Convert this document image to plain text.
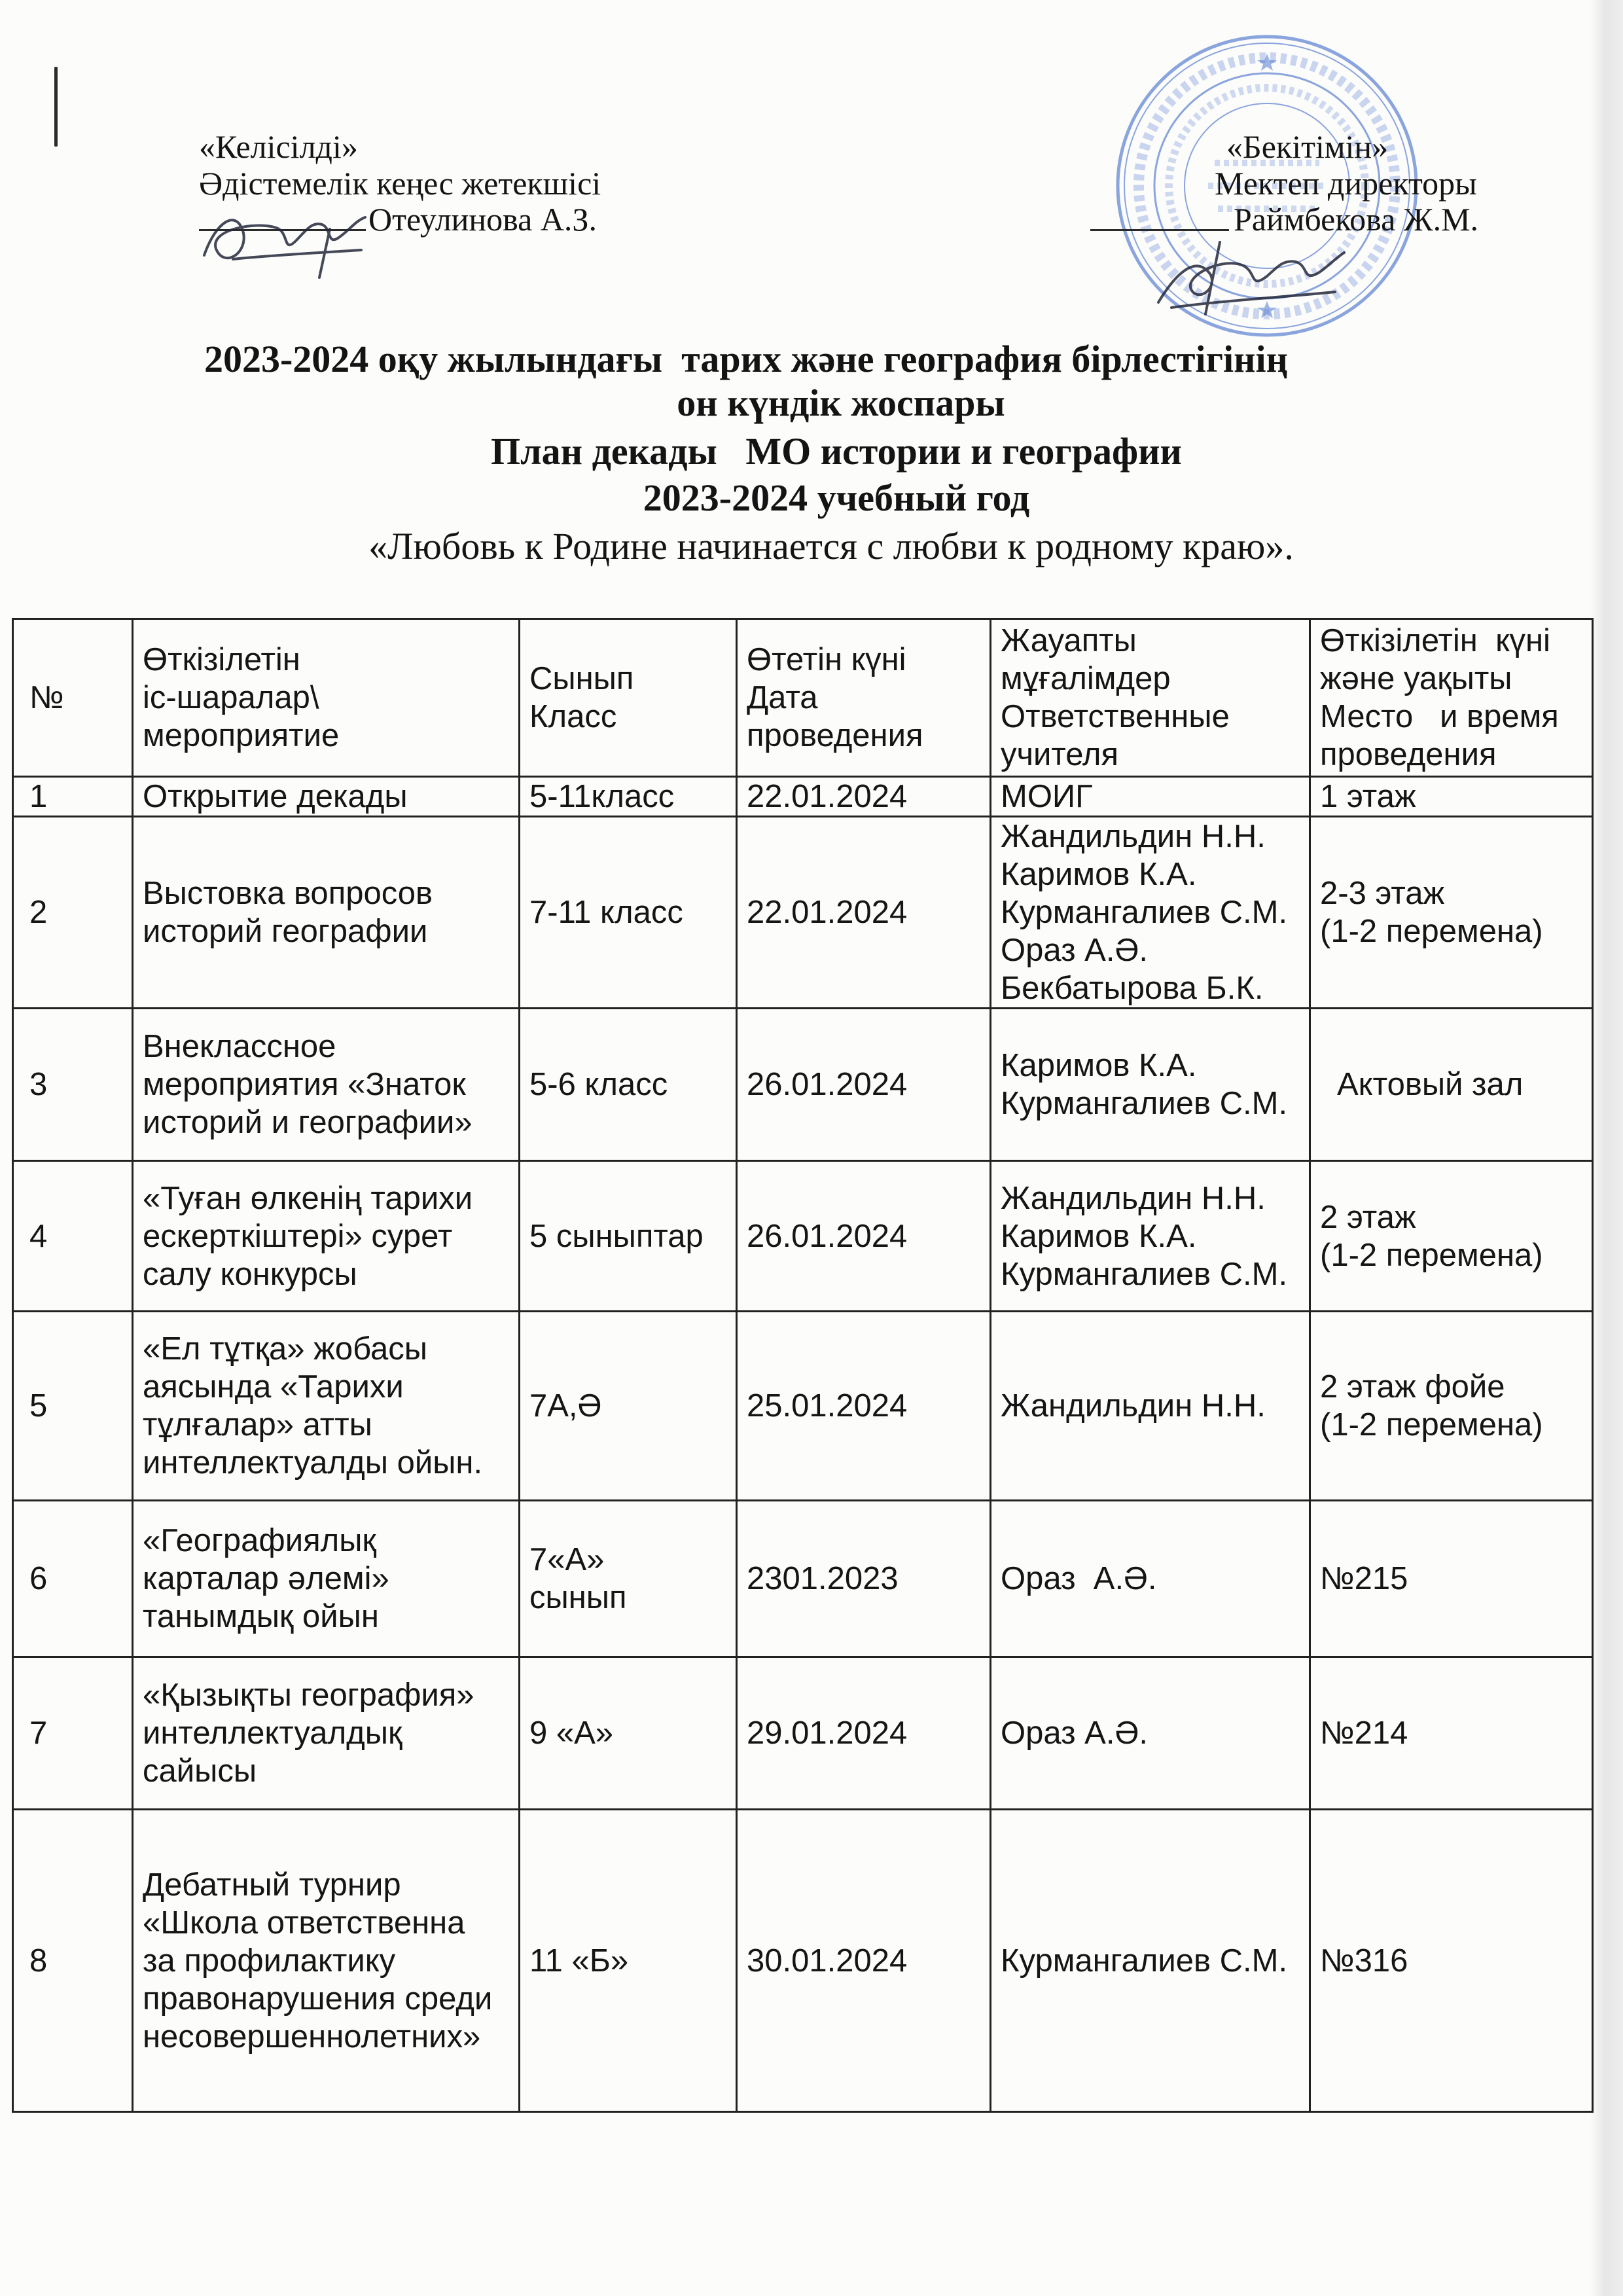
«Келісілді»
Әдістемелік кеңес жетекшісі
Отеулинова А.З.
«Бекітімін»
Мектеп директоры
Раймбекова Ж.М.
2023-2024 оқу жылындағы  тарих және география бірлестігінің
он күндік жоспары
План декады   МО истории и географии
2023-2024 учебный год
«Любовь к Родине начинается с любви к родному краю».
№	Өткізілетін
іс-шаралар\
мероприятие	Сынып
Класс	Өтетін күні
Дата
проведения	Жауапты
мұғалімдер
Ответственные
учителя	Өткізілетін  күні
және уақыты
Место   и время
проведения
1	Открытие декады	5-11класс	22.01.2024	МОИГ	1 этаж
2	Выстовка вопросов
историй географии	7-11 класс	22.01.2024	Жандильдин Н.Н.
Каримов К.А.
Курмангалиев С.М.
Ораз А.Ә.
Бекбатырова Б.К.	2-3 этаж
(1-2 перемена)
3	Внеклассное
мероприятия «Знаток
историй и географии»	5-6 класс	26.01.2024	Каримов К.А.
Курмангалиев С.М.	Актовый зал
4	«Туған өлкенің тарихи
ескерткіштері» сурет
салу конкурсы	5 сыныптар	26.01.2024	Жандильдин Н.Н.
Каримов К.А.
Курмангалиев С.М.	2 этаж
(1-2 перемена)
5	«Ел тұтқа» жобасы
аясында «Тарихи
тұлғалар» атты
интеллектуалды ойын.	7А,Ә	25.01.2024	Жандильдин Н.Н.	2 этаж фойе
(1-2 перемена)
6	«Географиялық
карталар әлемі»
танымдық ойын	7«А»
сынып	2301.2023	Ораз  А.Ә.	№215
7	«Қызықты география»
интеллектуалдық
сайысы	9 «А»	29.01.2024	Ораз А.Ә.	№214
8	Дебатный турнир
«Школа ответственна
за профилактику
правонарушения среди
несовершеннолетних»	11 «Б»	30.01.2024	Курмангалиев С.М.	№316
